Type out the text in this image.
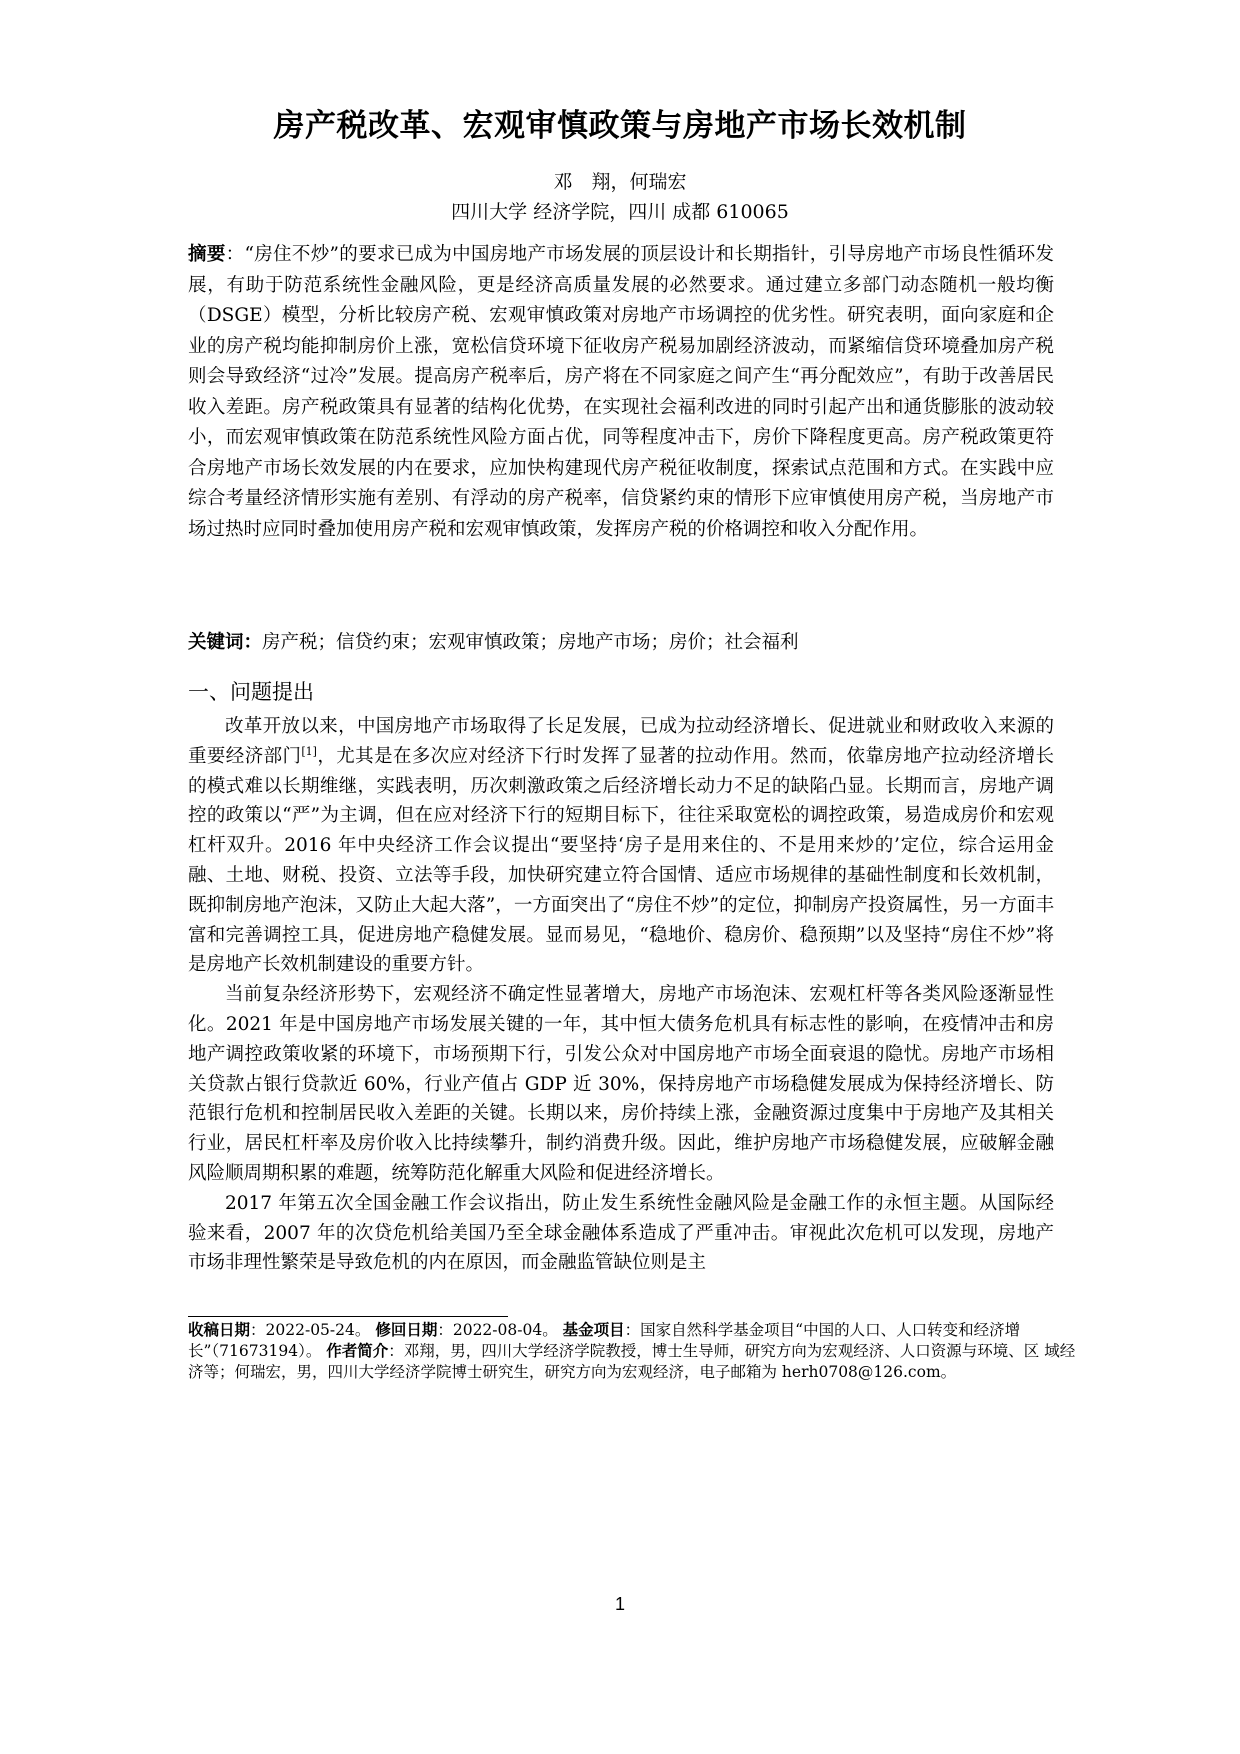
房产税改革、宏观审慎政策与房地产市场长效机制
邓　翔，何瑞宏
四川大学 经济学院，四川 成都 610065

摘要：“房住不炒”的要求已成为中国房地产市场发展的顶层设计和长期指针，引导房地产市场良性循环发展，有助于防范系统性金融风险，更是经济高质量发展的必然要求。通过建立多部门动态随机一般均衡（DSGE）模型，分析比较房产税、宏观审慎政策对房地产市场调控的优劣性。研究表明，面向家庭和企业的房产税均能抑制房价上涨，宽松信贷环境下征收房产税易加剧经济波动，而紧缩信贷环境叠加房产税则会导致经济“过冷”发展。提高房产税率后，房产将在不同家庭之间产生“再分配效应”，有助于改善居民收入差距。房产税政策具有显著的结构化优势，在实现社会福利改进的同时引起产出和通货膨胀的波动较小，而宏观审慎政策在防范系统性风险方面占优，同等程度冲击下，房价下降程度更高。房产税政策更符合房地产市场长效发展的内在要求，应加快构建现代房产税征收制度，探索试点范围和方式。在实践中应综合考量经济情形实施有差别、有浮动的房产税率，信贷紧约束的情形下应审慎使用房产税，当房地产市场过热时应同时叠加使用房产税和宏观审慎政策，发挥房产税的价格调控和收入分配作用。

关键词：房产税；信贷约束；宏观审慎政策；房地产市场；房价；社会福利

一、问题提出

改革开放以来，中国房地产市场取得了长足发展，已成为拉动经济增长、促进就业和财政收入来源的重要经济部门[1]，尤其是在多次应对经济下行时发挥了显著的拉动作用。然而，依靠房地产拉动经济增长的模式难以长期维继，实践表明，历次刺激政策之后经济增长动力不足的缺陷凸显。长期而言，房地产调控的政策以“严”为主调，但在应对经济下行的短期目标下，往往采取宽松的调控政策，易造成房价和宏观杠杆双升。2016 年中央经济工作会议提出“要坚持‘房子是用来住的、不是用来炒的’定位，综合运用金融、土地、财税、投资、立法等手段，加快研究建立符合国情、适应市场规律的基础性制度和长效机制，既抑制房地产泡沫，又防止大起大落”，一方面突出了“房住不炒”的定位，抑制房产投资属性，另一方面丰富和完善调控工具，促进房地产稳健发展。显而易见，“稳地价、稳房价、稳预期”以及坚持“房住不炒”将是房地产长效机制建设的重要方针。

当前复杂经济形势下，宏观经济不确定性显著增大，房地产市场泡沫、宏观杠杆等各类风险逐渐显性化。2021 年是中国房地产市场发展关键的一年，其中恒大债务危机具有标志性的影响，在疫情冲击和房地产调控政策收紧的环境下，市场预期下行，引发公众对中国房地产市场全面衰退的隐忧。房地产市场相关贷款占银行贷款近 60%，行业产值占 GDP 近 30%，保持房地产市场稳健发展成为保持经济增长、防范银行危机和控制居民收入差距的关键。长期以来，房价持续上涨，金融资源过度集中于房地产及其相关行业，居民杠杆率及房价收入比持续攀升，制约消费升级。因此，维护房地产市场稳健发展，应破解金融风险顺周期积累的难题，统筹防范化解重大风险和促进经济增长。

2017 年第五次全国金融工作会议指出，防止发生系统性金融风险是金融工作的永恒主题。从国际经验来看，2007 年的次贷危机给美国乃至全球金融体系造成了严重冲击。审视此次危机可以发现，房地产市场非理性繁荣是导致危机的内在原因，而金融监管缺位则是主

收稿日期：2022-05-24。 修回日期：2022-08-04。 基金项目：国家自然科学基金项目“中国的人口、人口转变和经济增长”（71673194）。 作者简介：邓翔，男，四川大学经济学院教授，博士生导师，研究方向为宏观经济、人口资源与环境、区 域经济等；何瑞宏，男，四川大学经济学院博士研究生，研究方向为宏观经济，电子邮箱为 herh0708@126.com。

1
